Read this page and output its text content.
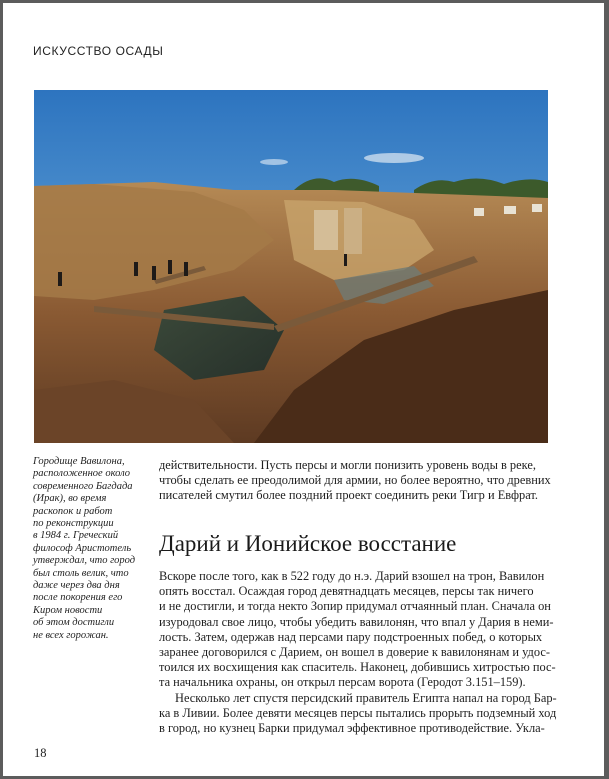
ИСКУССТВО ОСАДЫ

Городище Вавилона,

расположенное около

современного Багдада

(Ирак), во время

раскопок и работ

по реконструкции

в 1984 г. Греческий

философ Аристотель

утверждал, что город

был столь велик, что

даже через два дня

после покорения его

Киром новости

об этом достигли

не всех горожан.

действительности. Пусть персы и могли понизить уровень воды в реке,

чтобы сделать ее преодолимой для армии, но более вероятно, что древних

писателей смутил более поздний проект соединить реки Тигр и Евфрат.

Дарий и Ионийское восстание

Вскоре после того, как в 522 году до н.э. Дарий взошел на трон, Вавилон

опять восстал. Осаждая город девятнадцать месяцев, персы так ничего

и не достигли, и тогда некто Зопир придумал отчаянный план. Сначала он

изуродовал свое лицо, чтобы убедить вавилонян, что впал у Дария в неми-

лость. Затем, одержав над персами пару подстроенных побед, о которых

заранее договорился с Дарием, он вошел в доверие к вавилонянам и удос-

тоился их восхищения как спаситель. Наконец, добившись хитростью пос-

та начальника охраны, он открыл персам ворота (Геродот 3.151–159).

Несколько лет спустя персидский правитель Египта напал на город Бар-

ка в Ливии. Более девяти месяцев персы пытались прорыть подземный ход

в город, но кузнец Барки придумал эффективное противодействие. Укла-

18
